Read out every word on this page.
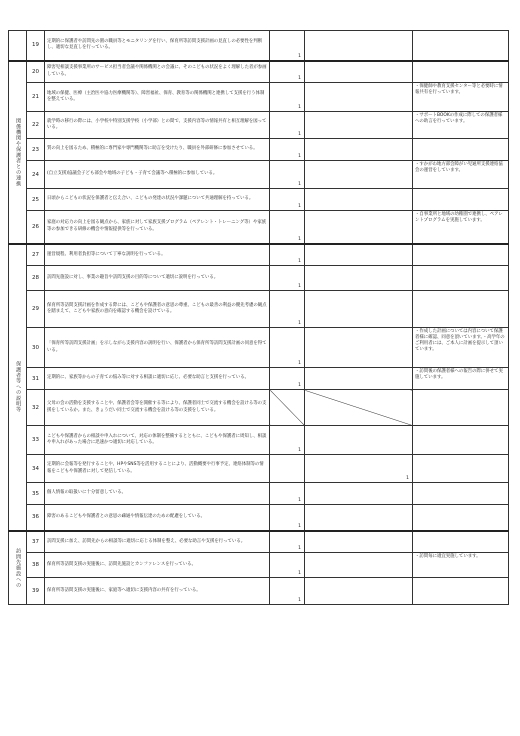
	19	定期的に保護者や訪問先の園の職員等とモニタリングを行い、保育所等訪問支援計画の見直しの必要性を判断し、適切な見直しを行っている。	1			

関係機関や保護者との連携	20	障害児相談支援事業所のサービス担当者会議や関係機関との会議に、そのこどもの状況をよく理解した者が参画している。	1			

	21	地域の保健、医療（主治医や協力医療機関等）、障害福祉、保育、教育等の関係機関と連携して支援を行う体制を整えている。	1		・保健師や教育支援センター等と必要時に情報共有を行っています。	
	22	就学時の移行の際には、小学校や特別支援学校（小学部）との間で、支援内容等の情報共有と相互理解を図っている。	1		・サポートBOOKの作成に際しての保護者様への助言を行っています。	
	23	質の向上を図るため、積極的に専門家や専門機関等に助言を受けたり、職員を外部研修に参加させている。	1			

	24	(自立支援)協議会子ども部会や地域の子ども・子育て会議等へ積極的に参加している。	1		・すかがわ地方部会障がい児通所支援連絡協会の運営をしています。	
	25	日頃からこどもの状況を保護者と伝え合い、こどもの発達の状況や課題について共通理解を持っている。	1			

	26	家庭の対応力の向上を図る観点から、家族に対して家族支援プログラム（ペアレント・トレーニング等）や家族等の参加できる研修の機会や情報提供等を行っている。	1		・自事業所と地域の幼稚園で連携し、ペアレントプログラムを実施しています。	
保護者等への説明等	27	運営規程、利用者負担等について丁寧な説明を行っている。	1			

	28	訪問先施設に対し、事業の趣旨や訪問支援の目的等について適切に説明を行っている。	1			

	29	保育所等訪問支援計画を作成する際には、こどもや保護者の意思の尊重、こどもの最善の利益の優先考慮の観点を踏まえて、こどもや家族の意向を確認する機会を設けている。	1			

	30	「保育所等訪問支援計画」を示しながら支援内容の説明を行い、保護者から保育所等訪問支援計画の同意を得ている。	1		・作成した計画については内容について保護者様に確認、同意を頂いています。・高学年のご利用者には、ご本人に計画を提示して頂いています。	
	31	定期的に、家族等からの子育ての悩み等に対する相談に適切に応じ、必要な助言と支援を行っている。	1		・訪問後の保護者様への報告の際に併せて実施しています。	
	32	父母の会の活動を支援することや、保護者会等を開催する等により、保護者同士で交流する機会を設ける等の支援をしているか。また、きょうだい同士で交流する機会を設ける等の支援をしている。	

	33	こどもや保護者からの相談や申入れについて、対応の体制を整備するとともに、こどもや保護者に周知し、相談や申入れがあった場合に迅速かつ適切に対応している。	1			

	34	定期的に会報等を発行することや、HPやSNS等を活用することにより、活動概要や行事予定、連絡体制等の情報をこどもや保護者に対して発信している。		1		

	35	個人情報の取扱いに十分留意している。	1			

	36	障害のあるこどもや保護者との意思の疎通や情報伝達のための配慮をしている。	1			

訪問先施設への	37	訪問支援に加え、訪問先からの相談等に適切に応じる体制を整え、必要な助言や支援を行っている。	1			

	38	保育所等訪問支援の実施後に、訪問先施設とカンファレンスを行っている。	1		・訪問毎に適宜実施しています。	
	39	保育所等訪問支援の実施後に、家庭等へ適切に支援内容の共有を行っている。	1			
